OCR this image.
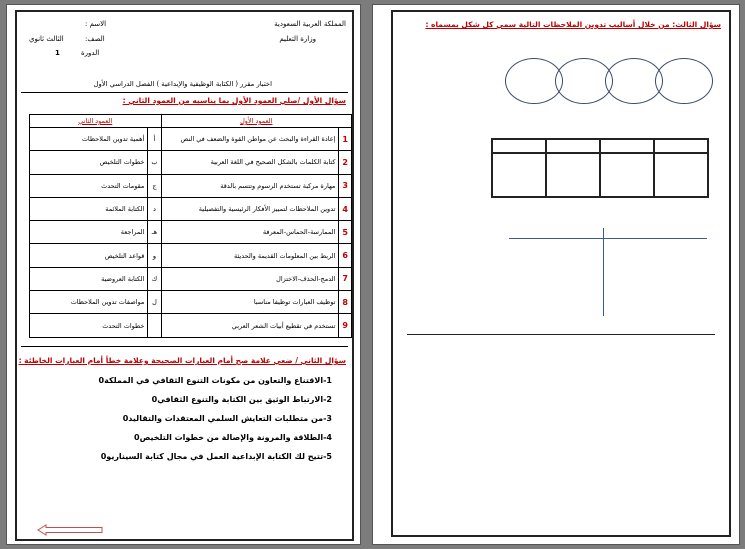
المملكة العربية السعودية
وزارة التعليم
الاسم :
الثالث ثانوي	الصف:
1	الدورة
اختبار مقرر ( الكتابة الوظيفية والإبداعية ) الفصل الدراسي الأول
سؤال الأول /صلي العمود الأول بما يناسبه من العمود الثاني :
العمود الأول		العمود الثاني	
1	إعادة القراءة والبحث عن مواطن القوة والضعف في النص	أ	أهمية تدوين الملاحظات
2	كتابة الكلمات بالشكل الصحيح في اللغة العربية	ب	خطوات التلخيص
3	مهارة مركبة تستخدم الرسوم وتتسم بالدقة	ج	مقومات التحدث
4	تدوين الملاحظات لتمييز الأفكار الرئيسية والتفصيلية	د	الكتابة الملائمة
5	الممارسة-الحماس-المعرفة	هـ	المراجعة
6	الربط بين المعلومات القديمة والحديثة	و	قواعد التلخيص
7	الدمج-الحذف-الاختزال	ك	الكتابة العروضية
8	توظيف العبارات توظيفا مناسبا	ل	مواصفات تدوين الملاحظات
9	تستخدم في تقطيع أبيات الشعر العربي		خطوات التحدث
سؤال الثاني / ضعي علامة صح أمام العبارات الصحيحة وعلامة خطأ أمام العبارات الخاطئة :
1-الاقتناع والتعاون من مكونات التنوع الثقافي في المملكة0
2-الارتباط الوثيق بين الكتابة والتنوع الثقافي0
3-من متطلبات التعايش السلمي المعتقدات والتقاليد0
4-الطلاقة والمرونة والإصالة من خطوات التلخيص0
5-تتيح لك الكتابة الإبداعية العمل في مجال كتابة السيناريو0
سؤال الثالث: من خلال أساليب تدوين الملاحظات التالية سمي كل شكل بمسماه :
